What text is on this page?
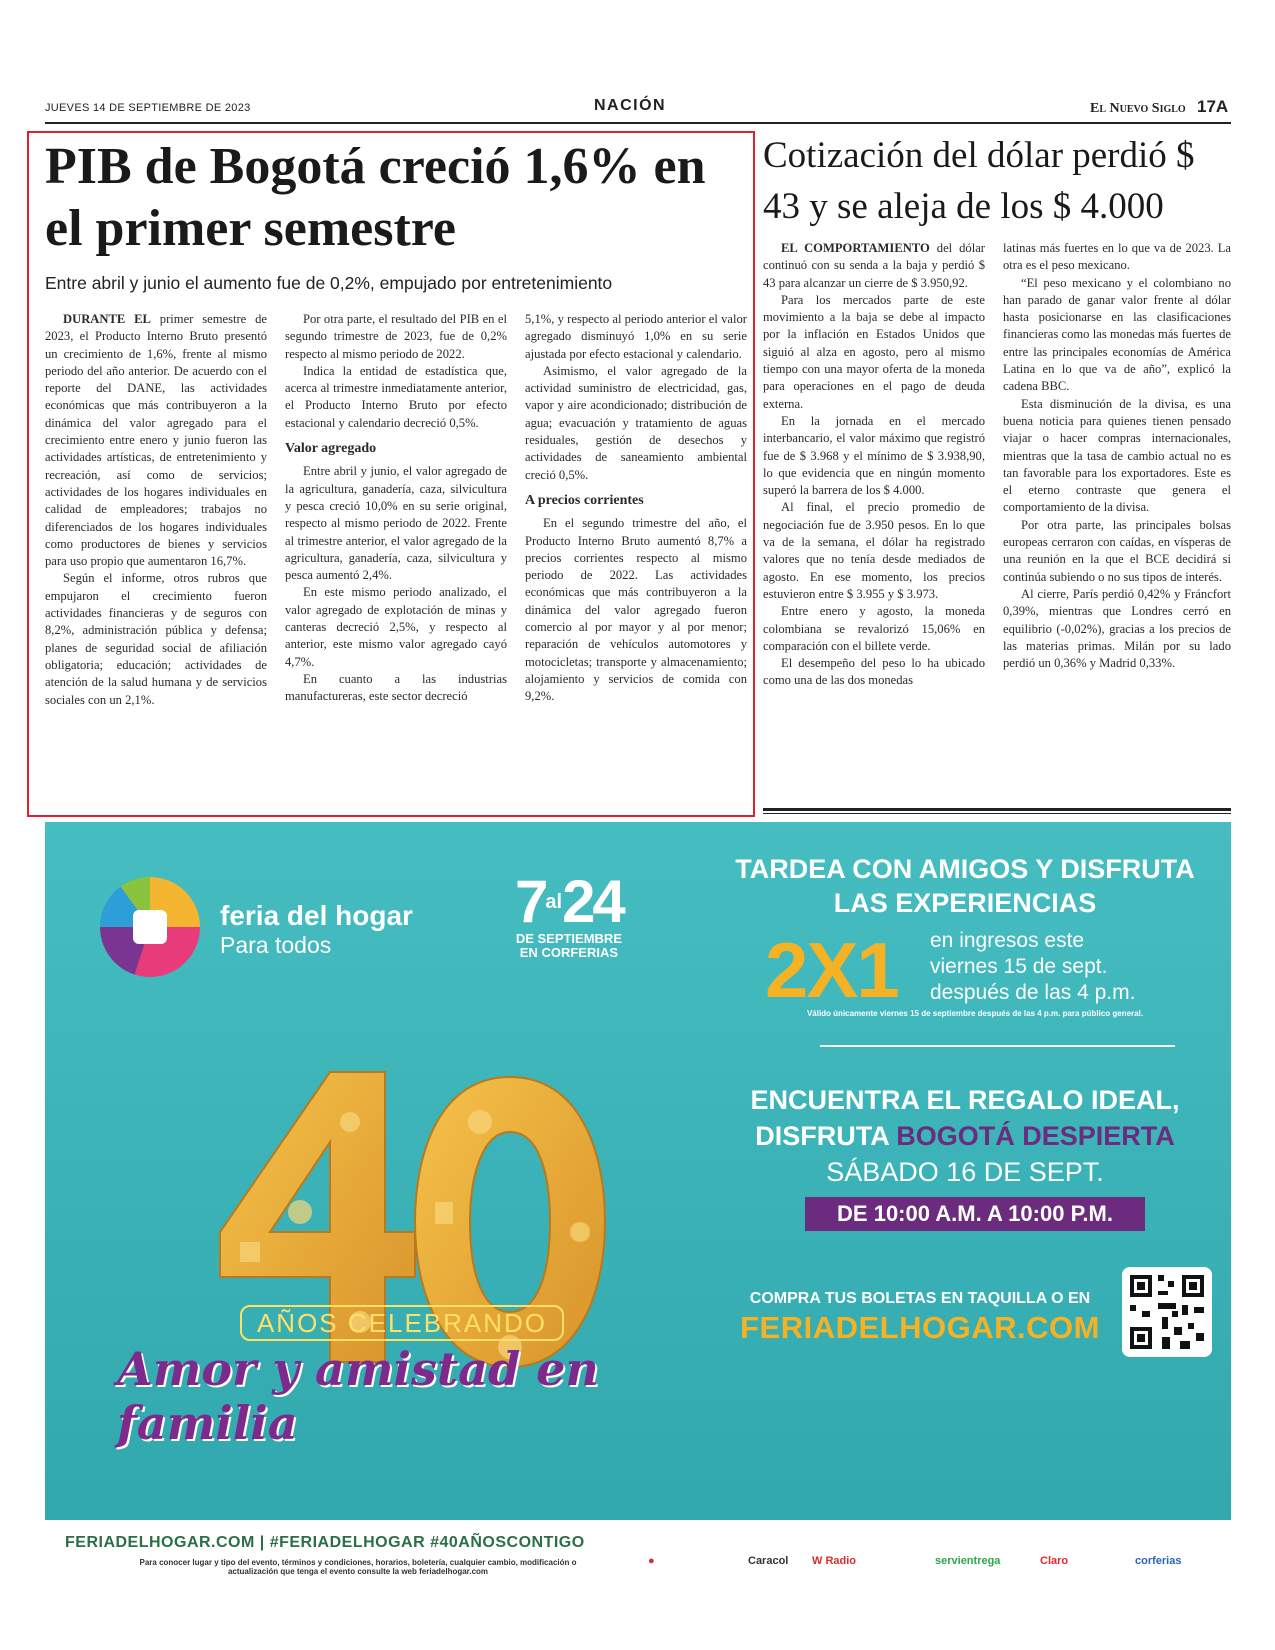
JUEVES 14 DE SEPTIEMBRE DE 2023	NACIÓN	El Nuevo Siglo 17A
PIB de Bogotá creció 1,6% en el primer semestre
Entre abril y junio el aumento fue de 0,2%, empujado por entretenimiento

DURANTE EL primer semestre de 2023, el Producto Interno Bruto presentó un crecimiento de 1,6%, frente al mismo periodo del año anterior. De acuerdo con el reporte del DANE, las actividades económicas que más contribuyeron a la dinámica del valor agregado para el crecimiento entre enero y junio fueron las actividades artísticas, de entretenimiento y recreación, así como de servicios; actividades de los hogares individuales en calidad de empleadores; trabajos no diferenciados de los hogares individuales como productores de bienes y servicios para uso propio que aumentaron 16,7%.

Según el informe, otros rubros que empujaron el crecimiento fueron actividades financieras y de seguros con 8,2%, administración pública y defensa; planes de seguridad social de afiliación obligatoria; educación; actividades de atención de la salud humana y de servicios sociales con un 2,1%.

Por otra parte, el resultado del PIB en el segundo trimestre de 2023, fue de 0,2% respecto al mismo periodo de 2022.

Indica la entidad de estadística que, acerca al trimestre inmediatamente anterior, el Producto Interno Bruto por efecto estacional y calendario decreció 0,5%.

Valor agregado

Entre abril y junio, el valor agregado de la agricultura, ganadería, caza, silvicultura y pesca creció 10,0% en su serie original, respecto al mismo periodo de 2022. Frente al trimestre anterior, el valor agregado de la agricultura, ganadería, caza, silvicultura y pesca aumentó 2,4%.

En este mismo periodo analizado, el valor agregado de explotación de minas y canteras decreció 2,5%, y respecto al anterior, este mismo valor agregado cayó 4,7%.

En cuanto a las industrias manufactureras, este sector decreció

5,1%, y respecto al periodo anterior el valor agregado disminuyó 1,0% en su serie ajustada por efecto estacional y calendario.

Asimismo, el valor agregado de la actividad suministro de electricidad, gas, vapor y aire acondicionado; distribución de agua; evacuación y tratamiento de aguas residuales, gestión de desechos y actividades de saneamiento ambiental creció 0,5%.

A precios corrientes

En el segundo trimestre del año, el Producto Interno Bruto aumentó 8,7% a precios corrientes respecto al mismo periodo de 2022. Las actividades económicas que más contribuyeron a la dinámica del valor agregado fueron comercio al por mayor y al por menor; reparación de vehículos automotores y motocicletas; transporte y almacenamiento; alojamiento y servicios de comida con 9,2%.

Cotización del dólar perdió $ 43 y se aleja de los $ 4.000

EL COMPORTAMIENTO del dólar continuó con su senda a la baja y perdió $ 43 para alcanzar un cierre de $ 3.950,92.

Para los mercados parte de este movimiento a la baja se debe al impacto por la inflación en Estados Unidos que siguió al alza en agosto, pero al mismo tiempo con una mayor oferta de la moneda para operaciones en el pago de deuda externa.

En la jornada en el mercado interbancario, el valor máximo que registró fue de $ 3.968 y el mínimo de $ 3.938,90, lo que evidencia que en ningún momento superó la barrera de los $ 4.000.

Al final, el precio promedio de negociación fue de 3.950 pesos. En lo que va de la semana, el dólar ha registrado valores que no tenía desde mediados de agosto. En ese momento, los precios estuvieron entre $ 3.955 y $ 3.973.

Entre enero y agosto, la moneda colombiana se revalorizó 15,06% en comparación con el billete verde.

El desempeño del peso lo ha ubicado como una de las dos monedas

latinas más fuertes en lo que va de 2023. La otra es el peso mexicano.

“El peso mexicano y el colombiano no han parado de ganar valor frente al dólar hasta posicionarse en las clasificaciones financieras como las monedas más fuertes de entre las principales economías de América Latina en lo que va de año”, explicó la cadena BBC.

Esta disminución de la divisa, es una buena noticia para quienes tienen pensado viajar o hacer compras internacionales, mientras que la tasa de cambio actual no es tan favorable para los exportadores. Este es el eterno contraste que genera el comportamiento de la divisa.

Por otra parte, las principales bolsas europeas cerraron con caídas, en vísperas de una reunión en la que el BCE decidirá si continúa subiendo o no sus tipos de interés.

Al cierre, París perdió 0,42% y Fráncfort 0,39%, mientras que Londres cerró en equilibrio (-0,02%), gracias a los precios de las materias primas. Milán por su lado perdió un 0,36% y Madrid 0,33%.

feria del hogar
Para todos
$7^{al}24$
DE SEPTIEMBRE
EN CORFERIAS
AÑOS CELEBRANDO
Amor y amistad en familia
TARDEA CON AMIGOS Y DISFRUTA LAS EXPERIENCIAS
2X1 en ingresos este
viernes 15 de sept.
después de las 4 p.m.
Válido únicamente viernes 15 de septiembre después de las 4 p.m. para público general.
ENCUENTRA EL REGALO IDEAL,
DISFRUTA BOGOTÁ DESPIERTA
SÁBADO 16 DE SEPT.
DE 10:00 A.M. A 10:00 P.M.
COMPRA TUS BOLETAS EN TAQUILLA O EN
FERIADELHOGAR.COM
FERIADELHOGAR.COM | #FERIADELHOGAR #40AÑOSCONTIGO
Para conocer lugar y tipo del evento, términos y condiciones, horarios, boletería, cualquier cambio, modificación o actualización que tenga el evento consulte la web feriadelhogar.com
●	Caracol W Radio	servientrega	Claro	corferias
